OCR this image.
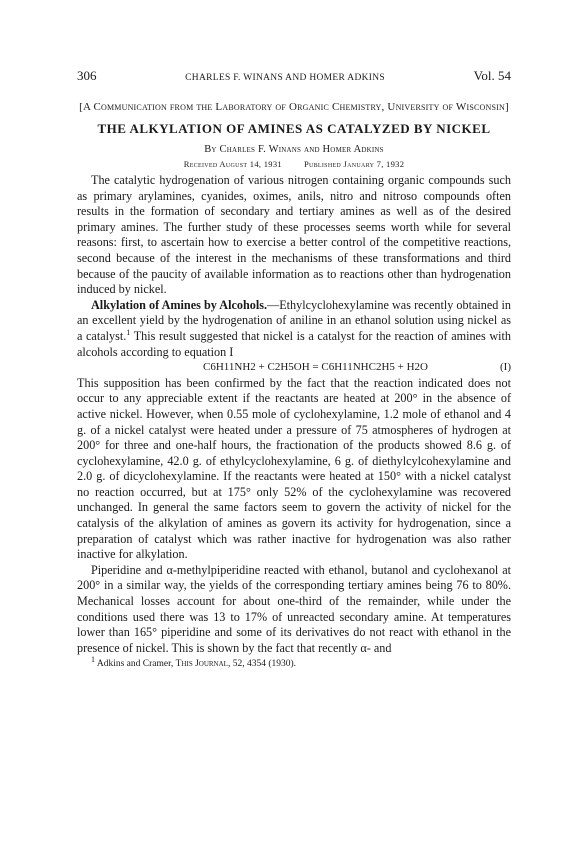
306	CHARLES F. WINANS AND HOMER ADKINS	Vol. 54
[A Communication from the Laboratory of Organic Chemistry, University of Wisconsin]
THE ALKYLATION OF AMINES AS CATALYZED BY NICKEL
By Charles F. Winans and Homer Adkins
Received August 14, 1931	Published January 7, 1932

The catalytic hydrogenation of various nitrogen containing organic compounds such as primary arylamines, cyanides, oximes, anils, nitro and nitroso compounds often results in the formation of secondary and tertiary amines as well as of the desired primary amines. The further study of these processes seems worth while for several reasons: first, to ascertain how to exercise a better control of the competitive reactions, second because of the interest in the mechanisms of these transformations and third because of the paucity of available information as to reactions other than hydrogenation induced by nickel.

Alkylation of Amines by Alcohols.—Ethylcyclohexylamine was recently obtained in an excellent yield by the hydrogenation of aniline in an ethanol solution using nickel as a catalyst.$^1$ This result suggested that nickel is a catalyst for the reaction of amines with alcohols according to equation I

C6H11NH2 + C2H5OH = C6H11NHC2H5 + H2O	(I)

This supposition has been confirmed by the fact that the reaction indicated does not occur to any appreciable extent if the reactants are heated at 200° in the absence of active nickel. However, when 0.55 mole of cyclohexylamine, 1.2 mole of ethanol and 4 g. of a nickel catalyst were heated under a pressure of 75 atmospheres of hydrogen at 200° for three and one-half hours, the fractionation of the products showed 8.6 g. of cyclohexylamine, 42.0 g. of ethylcyclohexylamine, 6 g. of diethylcylcohexylamine and 2.0 g. of dicyclohexylamine. If the reactants were heated at 150° with a nickel catalyst no reaction occurred, but at 175° only 52% of the cyclohexylamine was recovered unchanged. In general the same factors seem to govern the activity of nickel for the catalysis of the alkylation of amines as govern its activity for hydrogenation, since a preparation of catalyst which was rather inactive for hydrogenation was also rather inactive for alkylation.

Piperidine and α-methylpiperidine reacted with ethanol, butanol and cyclohexanol at 200° in a similar way, the yields of the corresponding tertiary amines being 76 to 80%. Mechanical losses account for about one-third of the remainder, while under the conditions used there was 13 to 17% of unreacted secondary amine. At temperatures lower than 165° piperidine and some of its derivatives do not react with ethanol in the presence of nickel. This is shown by the fact that recently α- and

$^1$ Adkins and Cramer, This Journal, 52, 4354 (1930).
